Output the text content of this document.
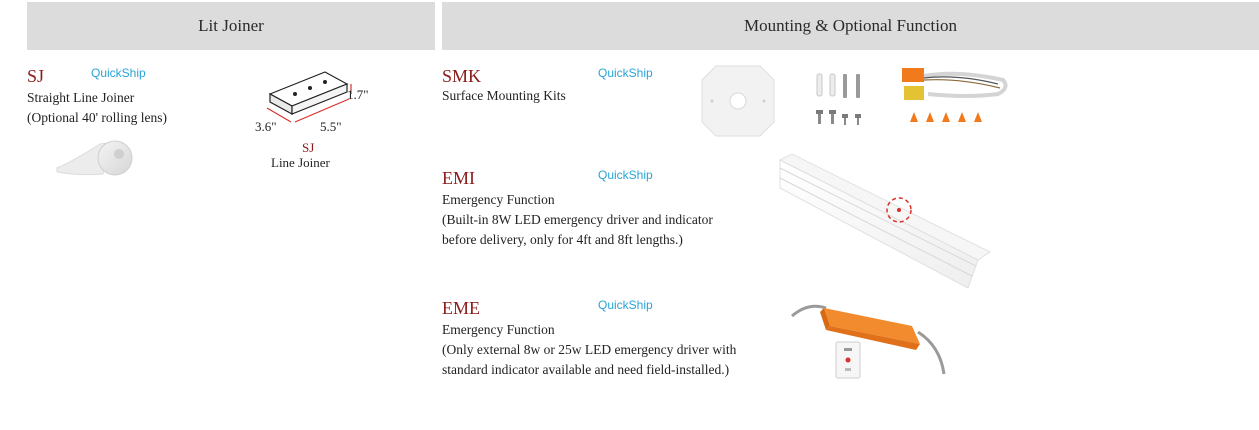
Lit Joiner	Mounting & Optional Function
SJ	QuickShip
Straight Line Joiner
(Optional 40' rolling lens)
1.7"
3.6"	5.5"
SJ
Line Joiner
SMK	QuickShip
Surface Mounting Kits
EMI	QuickShip
Emergency Function
(Built-in 8W LED emergency driver and indicator
before delivery, only for 4ft and 8ft lengths.)
EME	QuickShip
Emergency Function
(Only external 8w or 25w LED emergency driver with
standard indicator available and need field-installed.)
